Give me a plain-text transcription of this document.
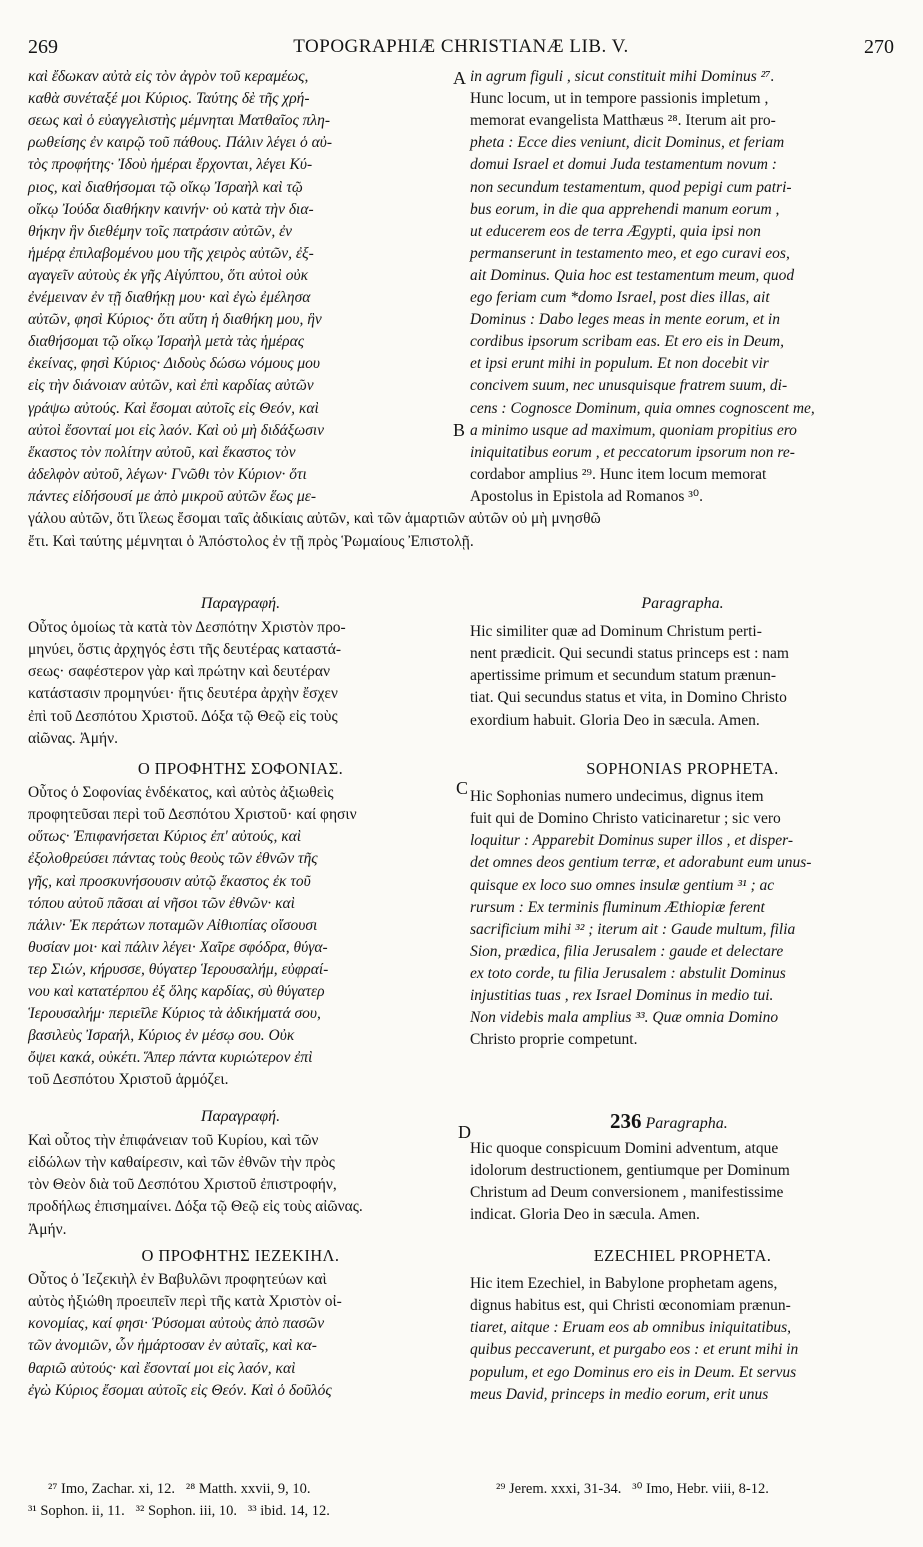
269	TOPOGRAPHIÆ CHRISTIANÆ LIB. V.	270
καὶ ἔδωκαν αὐτὰ εἰς τὸν ἀγρὸν τοῦ κεραμέως,
καθὰ συνέταξέ μοι Κύριος. Ταύτης δὲ τῆς χρή-
σεως καὶ ὁ εὐαγγελιστὴς μέμνηται Ματθαῖος πλη-
ρωθείσης ἐν καιρῷ τοῦ πάθους. Πάλιν λέγει ὁ αὐ-
τὸς προφήτης· Ἰδοὺ ἡμέραι ἔρχονται, λέγει Κύ-
ριος, καὶ διαθήσομαι τῷ οἴκῳ Ἰσραὴλ καὶ τῷ
οἴκῳ Ἰούδα διαθήκην καινήν· οὐ κατὰ τὴν δια-
θήκην ἣν διεθέμην τοῖς πατράσιν αὐτῶν, ἐν
ἡμέρᾳ ἐπιλαβομένου μου τῆς χειρὸς αὐτῶν, ἐξ-
αγαγεῖν αὐτοὺς ἐκ γῆς Αἰγύπτου, ὅτι αὐτοὶ οὐκ
ἐνέμειναν ἐν τῇ διαθήκῃ μου· καὶ ἐγὼ ἐμέλησα
αὐτῶν, φησὶ Κύριος· ὅτι αὕτη ἡ διαθήκη μου, ἣν
διαθήσομαι τῷ οἴκῳ Ἰσραὴλ μετὰ τὰς ἡμέρας
ἐκείνας, φησὶ Κύριος· Διδοὺς δώσω νόμους μου
εἰς τὴν διάνοιαν αὐτῶν, καὶ ἐπὶ καρδίας αὐτῶν
γράψω αὐτούς. Καὶ ἔσομαι αὐτοῖς εἰς Θεόν, καὶ
αὐτοὶ ἔσονταί μοι εἰς λαόν. Καὶ οὐ μὴ διδάξωσιν
ἕκαστος τὸν πολίτην αὐτοῦ, καὶ ἕκαστος τὸν
ἀδελφὸν αὐτοῦ, λέγων· Γνῶθι τὸν Κύριον· ὅτι
πάντες εἰδήσουσί με ἀπὸ μικροῦ αὐτῶν ἕως με-
in agrum figuli , sicut constituit mihi Dominus ²⁷.
Hunc locum, ut in tempore passionis impletum ,
memorat evangelista Matthæus ²⁸. Iterum ait pro-
pheta : Ecce dies veniunt, dicit Dominus, et feriam
domui Israel et domui Juda testamentum novum :
non secundum testamentum, quod pepigi cum patri-
bus eorum, in die qua apprehendi manum eorum ,
ut educerem eos de terra Ægypti, quia ipsi non
permanserunt in testamento meo, et ego curavi eos,
ait Dominus. Quia hoc est testamentum meum, quod
ego feriam cum *domo Israel, post dies illas, ait
Dominus : Dabo leges meas in mente eorum, et in
cordibus ipsorum scribam eas. Et ero eis in Deum,
et ipsi erunt mihi in populum. Et non docebit vir
concivem suum, nec unusquisque fratrem suum, di-
cens : Cognosce Dominum, quia omnes cognoscent me,
a minimo usque ad maximum, quoniam propitius ero
iniquitatibus eorum , et peccatorum ipsorum non re-
cordabor amplius ²⁹. Hunc item locum memorat
Apostolus in Epistola ad Romanos ³⁰.
γάλου αὐτῶν, ὅτι ἵλεως ἔσομαι ταῖς ἀδικίαις αὐτῶν, καὶ τῶν ἁμαρτιῶν αὐτῶν οὐ μὴ μνησθῶ
ἔτι. Καὶ ταύτης μέμνηται ὁ Ἀπόστολος ἐν τῇ πρὸς Ῥωμαίους Ἐπιστολῇ.
A
B
C
D
Παραγραφή.	Paragrapha.
Οὗτος ὁμοίως τὰ κατὰ τὸν Δεσπότην Χριστὸν προ-
μηνύει, ὅστις ἀρχηγός ἐστι τῆς δευτέρας καταστά-
σεως· σαφέστερον γὰρ καὶ πρώτην καὶ δευτέραν
κατάστασιν προμηνύει· ἥτις δευτέρα ἀρχὴν ἔσχεν
ἐπὶ τοῦ Δεσπότου Χριστοῦ. Δόξα τῷ Θεῷ εἰς τοὺς
αἰῶνας. Ἀμήν.
Hic similiter quæ ad Dominum Christum perti-
nent prædicit. Qui secundi status princeps est : nam
apertissime primum et secundum statum prænun-
tiat. Qui secundus status et vita, in Domino Christo
exordium habuit. Gloria Deo in sæcula. Amen.
Ο ΠΡΟΦΗΤΗΣ ΣΟΦΟΝΙΑΣ.	SOPHONIAS PROPHETA.
Οὗτος ὁ Σοφονίας ἑνδέκατος, καὶ αὐτὸς ἀξιωθεὶς
προφητεῦσαι περὶ τοῦ Δεσπότου Χριστοῦ· καί φησιν
οὕτως· Ἐπιφανήσεται Κύριος ἐπ' αὐτούς, καὶ
ἐξολοθρεύσει πάντας τοὺς θεοὺς τῶν ἐθνῶν τῆς
γῆς, καὶ προσκυνήσουσιν αὐτῷ ἕκαστος ἐκ τοῦ
τόπου αὐτοῦ πᾶσαι αἱ νῆσοι τῶν ἐθνῶν· καὶ
πάλιν· Ἐκ περάτων ποταμῶν Αἰθιοπίας οἴσουσι
θυσίαν μοι· καὶ πάλιν λέγει· Χαῖρε σφόδρα, θύγα-
τερ Σιών, κήρυσσε, θύγατερ Ἱερουσαλήμ, εὐφραί-
νου καὶ κατατέρπου ἐξ ὅλης καρδίας, σὺ θύγατερ
Ἱερουσαλήμ· περιεῖλε Κύριος τὰ ἀδικήματά σου,
βασιλεὺς Ἰσραήλ, Κύριος ἐν μέσῳ σου. Οὐκ
ὄψει κακά, οὐκέτι. Ἅπερ πάντα κυριώτερον ἐπὶ
τοῦ Δεσπότου Χριστοῦ ἁρμόζει.
Hic Sophonias numero undecimus, dignus item
fuit qui de Domino Christo vaticinaretur ; sic vero
loquitur : Apparebit Dominus super illos , et disper-
det omnes deos gentium terræ, et adorabunt eum unus-
quisque ex loco suo omnes insulæ gentium ³¹ ; ac
rursum : Ex terminis fluminum Æthiopiæ ferent
sacrificium mihi ³² ; iterum ait : Gaude multum, filia
Sion, prædica, filia Jerusalem : gaude et delectare
ex toto corde, tu filia Jerusalem : abstulit Dominus
injustitias tuas , rex Israel Dominus in medio tui.
Non videbis mala amplius ³³. Quæ omnia Domino
Christo proprie competunt.
Παραγραφή.	236 Paragrapha.
Καὶ οὗτος τὴν ἐπιφάνειαν τοῦ Κυρίου, καὶ τῶν
εἰδώλων τὴν καθαίρεσιν, καὶ τῶν ἐθνῶν τὴν πρὸς
τὸν Θεὸν διὰ τοῦ Δεσπότου Χριστοῦ ἐπιστροφήν,
προδήλως ἐπισημαίνει. Δόξα τῷ Θεῷ εἰς τοὺς αἰῶνας.
Ἀμήν.
Hic quoque conspicuum Domini adventum, atque
idolorum destructionem, gentiumque per Dominum
Christum ad Deum conversionem , manifestissime
indicat. Gloria Deo in sæcula. Amen.
Ο ΠΡΟΦΗΤΗΣ ΙΕΖΕΚΙΗΛ.	EZECHIEL PROPHETA.
Οὗτος ὁ Ἰεζεκιὴλ ἐν Βαβυλῶνι προφητεύων καὶ
αὐτὸς ἠξιώθη προειπεῖν περὶ τῆς κατὰ Χριστὸν οἰ-
κονομίας, καί φησι· Ῥύσομαι αὐτοὺς ἀπὸ πασῶν
τῶν ἀνομιῶν, ὧν ἡμάρτοσαν ἐν αὐταῖς, καὶ κα-
θαριῶ αὐτούς· καὶ ἔσονταί μοι εἰς λαόν, καὶ
ἐγὼ Κύριος ἔσομαι αὐτοῖς εἰς Θεόν. Καὶ ὁ δοῦλός
Hic item Ezechiel, in Babylone prophetam agens,
dignus habitus est, qui Christi œconomiam prænun-
tiaret, aitque : Eruam eos ab omnibus iniquitatibus,
quibus peccaverunt, et purgabo eos : et erunt mihi in
populum, et ego Dominus ero eis in Deum. Et servus
meus David, princeps in medio eorum, erit unus
²⁷ Imo, Zachar. xi, 12.   ²⁸ Matth. xxvii, 9, 10.
³¹ Sophon. ii, 11.   ³² Sophon. iii, 10.   ³³ ibid. 14, 12.
²⁹ Jerem. xxxi, 31-34.   ³⁰ Imo, Hebr. viii, 8-12.
